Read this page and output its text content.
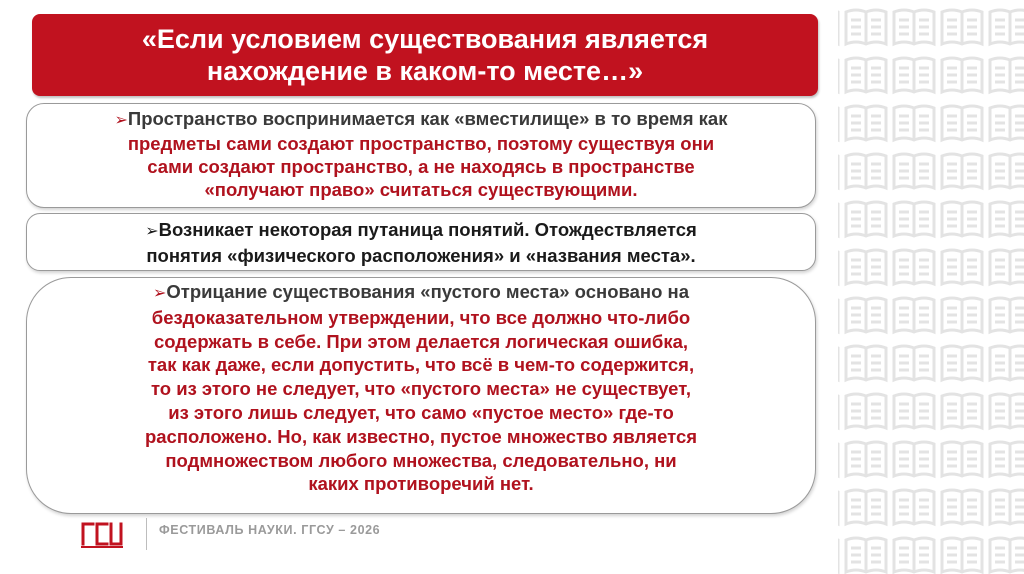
«Если условием существования является
нахождение в каком-то месте…»
➢Пространство воспринимается как «вместилище» в то время как
предметы сами создают пространство, поэтому существуя они
сами создают пространство, а не находясь в пространстве
«получают право» считаться существующими.
➢Возникает некоторая путаница понятий. Отождествляется
понятия «физического расположения» и «названия места».
➢Отрицание существования «пустого места» основано на
бездоказательном утверждении, что все должно что-либо
содержать в себе. При этом делается логическая ошибка,
так как даже, если допустить, что всё в чем-то содержится,
то из этого не следует, что «пустого места» не существует,
из этого лишь следует, что само «пустое место» где-то
расположено. Но, как известно, пустое множество является
подмножеством любого множества, следовательно, ни
каких противоречий нет.
ФЕСТИВАЛЬ НАУКИ. ГГСУ – 2026
